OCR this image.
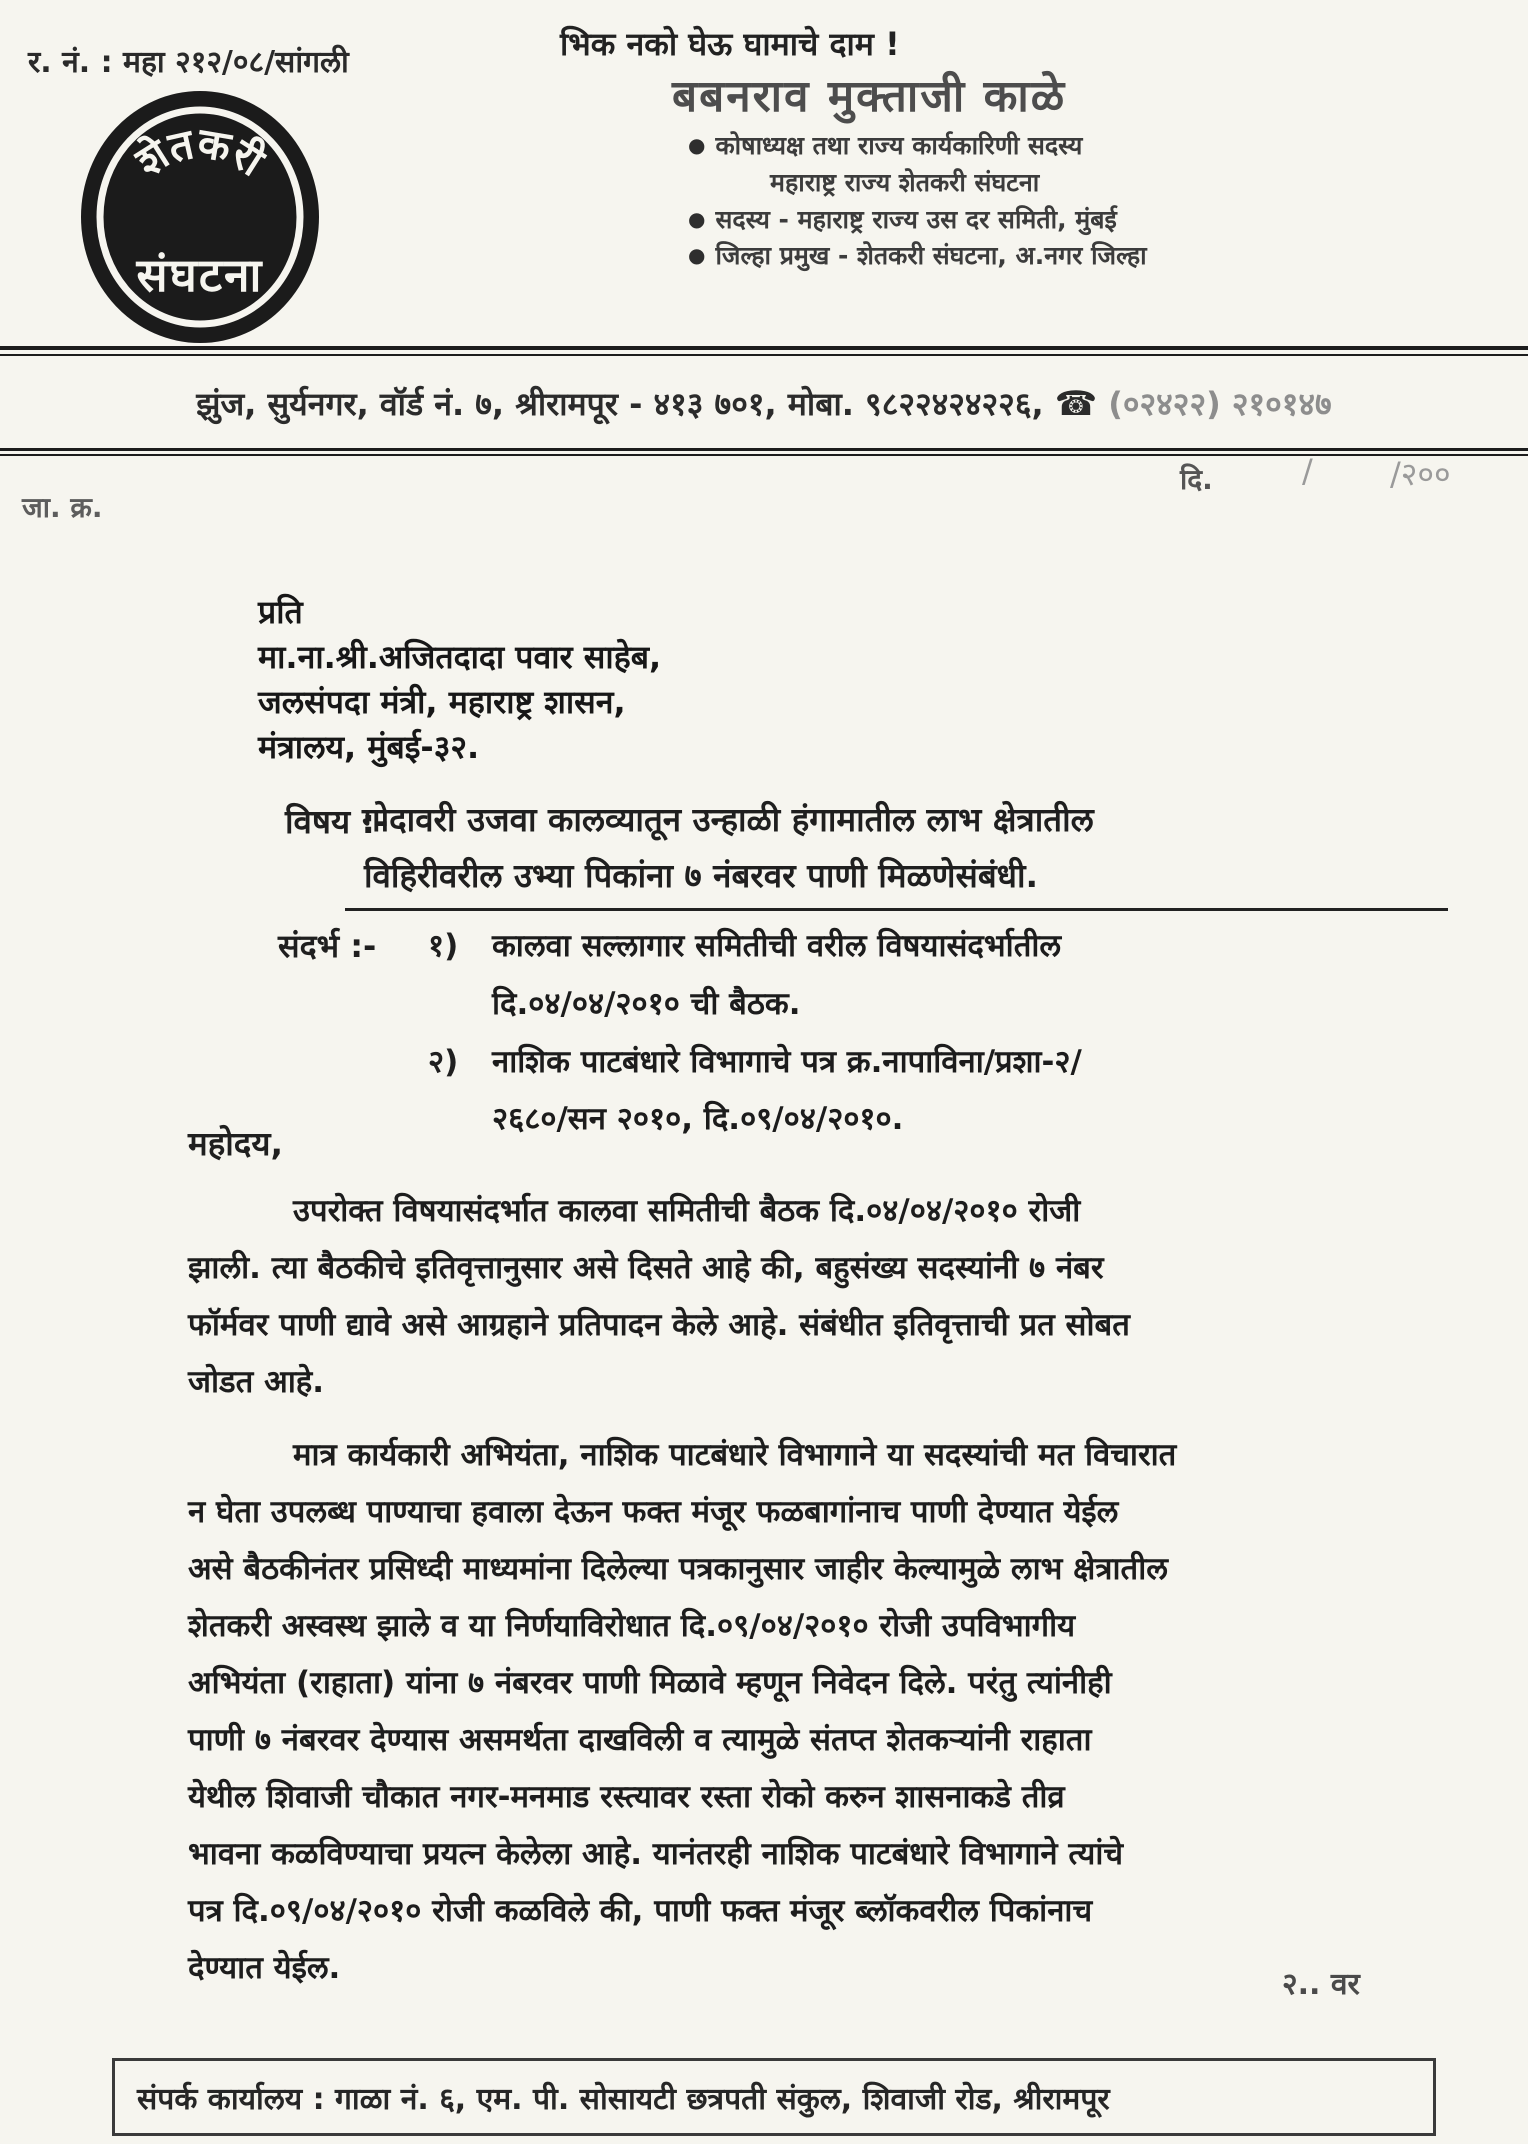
र. नं. : महा २१२/०८/सांगली	भिक नको घेऊ घामाचे दाम !
बबनराव मुक्ताजी काळे
● कोषाध्यक्ष तथा राज्य कार्यकारिणी सदस्य
महाराष्ट्र राज्य शेतकरी संघटना
● सदस्य - महाराष्ट्र राज्य उस दर समिती, मुंबई
● जिल्हा प्रमुख - शेतकरी संघटना, अ.नगर जिल्हा
शेतकरी
संघटना
झुंज, सुर्यनगर, वॉर्ड नं. ७, श्रीरामपूर - ४१३ ७०१, मोबा. ९८२२४२४२२६, ☎ (०२४२२) २१०१४७
जा. क्र.
दि.	/ /२००
प्रति
मा.ना.श्री.अजितदादा पवार साहेब,
जलसंपदा मंत्री, महाराष्ट्र शासन,
मंत्रालय, मुंबई-३२.
विषय :-
गोदावरी उजवा कालव्यातून उन्हाळी हंगामातील लाभ क्षेत्रातील
विहिरीवरील उभ्या पिकांना ७ नंबरवर पाणी मिळणेसंबंधी.
संदर्भ :- १) कालवा सल्लागार समितीची वरील विषयासंदर्भातील
दि.०४/०४/२०१० ची बैठक.
२) नाशिक पाटबंधारे विभागाचे पत्र क्र.नापाविना/प्रशा-२/
२६८०/सन २०१०, दि.०९/०४/२०१०.
महोदय,
उपरोक्त विषयासंदर्भात कालवा समितीची बैठक दि.०४/०४/२०१० रोजी
झाली. त्या बैठकीचे इतिवृत्तानुसार असे दिसते आहे की, बहुसंख्य सदस्यांनी ७ नंबर
फॉर्मवर पाणी द्यावे असे आग्रहाने प्रतिपादन केले आहे. संबंधीत इतिवृत्ताची प्रत सोबत
जोडत आहे.
मात्र कार्यकारी अभियंता, नाशिक पाटबंधारे विभागाने या सदस्यांची मत विचारात
न घेता उपलब्ध पाण्याचा हवाला देऊन फक्त मंजूर फळबागांनाच पाणी देण्यात येईल
असे बैठकीनंतर प्रसिध्दी माध्यमांना दिलेल्या पत्रकानुसार जाहीर केल्यामुळे लाभ क्षेत्रातील
शेतकरी अस्वस्थ झाले व या निर्णयाविरोधात दि.०९/०४/२०१० रोजी उपविभागीय
अभियंता (राहाता) यांना ७ नंबरवर पाणी मिळावे म्हणून निवेदन दिले. परंतु त्यांनीही
पाणी ७ नंबरवर देण्यास असमर्थता दाखविली व त्यामुळे संतप्त शेतकऱ्यांनी राहाता
येथील शिवाजी चौकात नगर-मनमाड रस्त्यावर रस्ता रोको करुन शासनाकडे तीव्र
भावना कळविण्याचा प्रयत्न केलेला आहे. यानंतरही नाशिक पाटबंधारे विभागाने त्यांचे
पत्र दि.०९/०४/२०१० रोजी कळविले की, पाणी फक्त मंजूर ब्लॉकवरील पिकांनाच
देण्यात येईल.	२.. वर
संपर्क कार्यालय : गाळा नं. ६, एम. पी. सोसायटी छत्रपती संकुल, शिवाजी रोड, श्रीरामपूर
